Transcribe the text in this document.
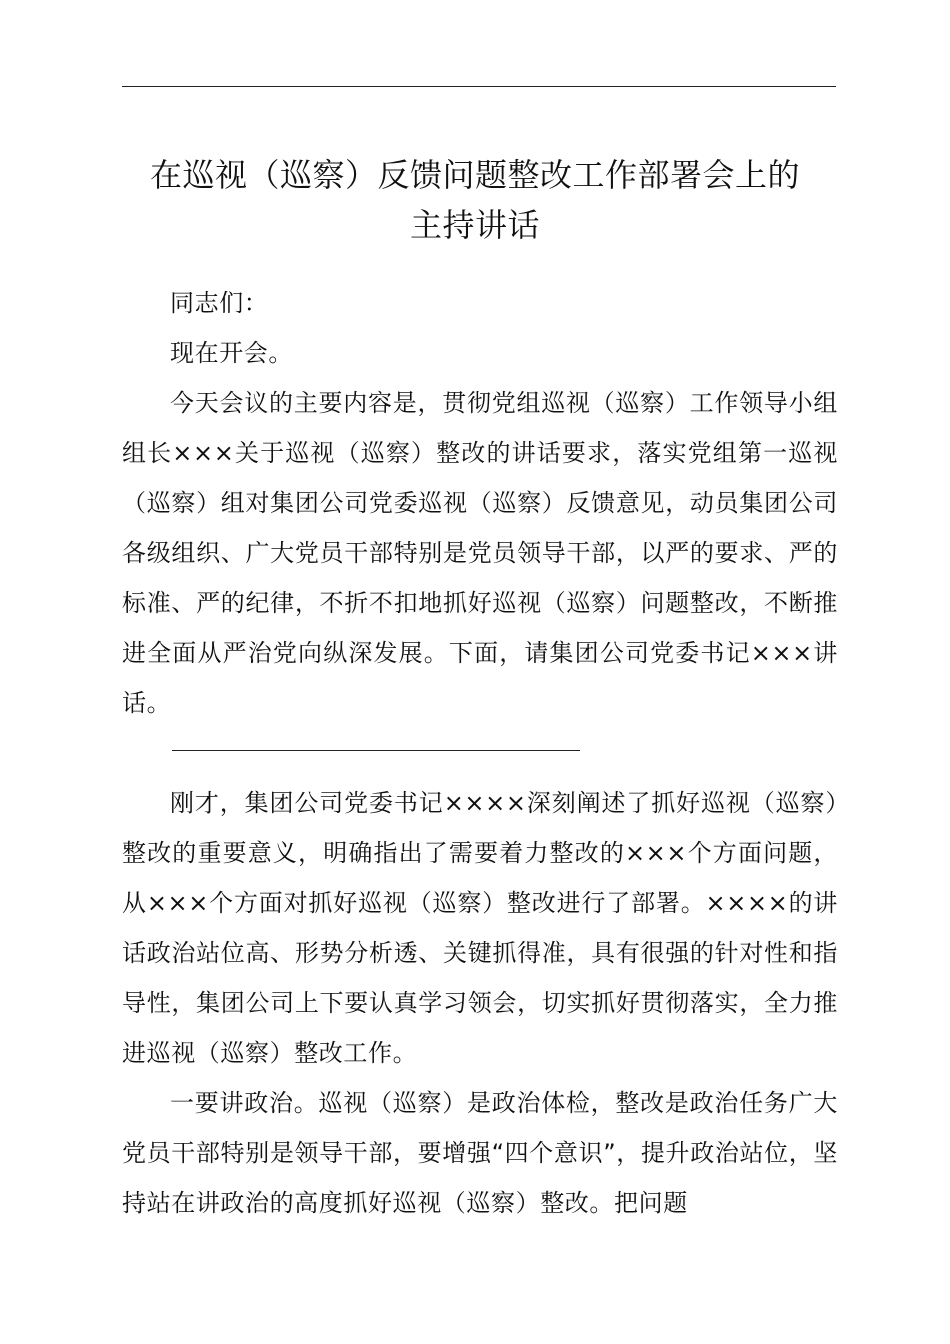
在巡视（巡察）反馈问题整改工作部署会上的
主持讲话

同志们：

现在开会。

今天会议的主要内容是，贯彻党组巡视（巡察）工作领导小组组长×××关于巡视（巡察）整改的讲话要求，落实党组第一巡视（巡察）组对集团公司党委巡视（巡察）反馈意见，动员集团公司各级组织、广大党员干部特别是党员领导干部，以严的要求、严的标准、严的纪律，不折不扣地抓好巡视（巡察）问题整改，不断推进全面从严治党向纵深发展。下面，请集团公司党委书记×××讲话。

刚才，集团公司党委书记××××深刻阐述了抓好巡视（巡察）整改的重要意义，明确指出了需要着力整改的×××个方面问题，从×××个方面对抓好巡视（巡察）整改进行了部署。××××的讲话政治站位高、形势分析透、关键抓得准，具有很强的针对性和指导性，集团公司上下要认真学习领会，切实抓好贯彻落实，全力推进巡视（巡察）整改工作。

一要讲政治。巡视（巡察）是政治体检，整改是政治任务广大党员干部特别是领导干部，要增强“四个意识”，提升政治站位，坚持站在讲政治的高度抓好巡视（巡察）整改。把问题
